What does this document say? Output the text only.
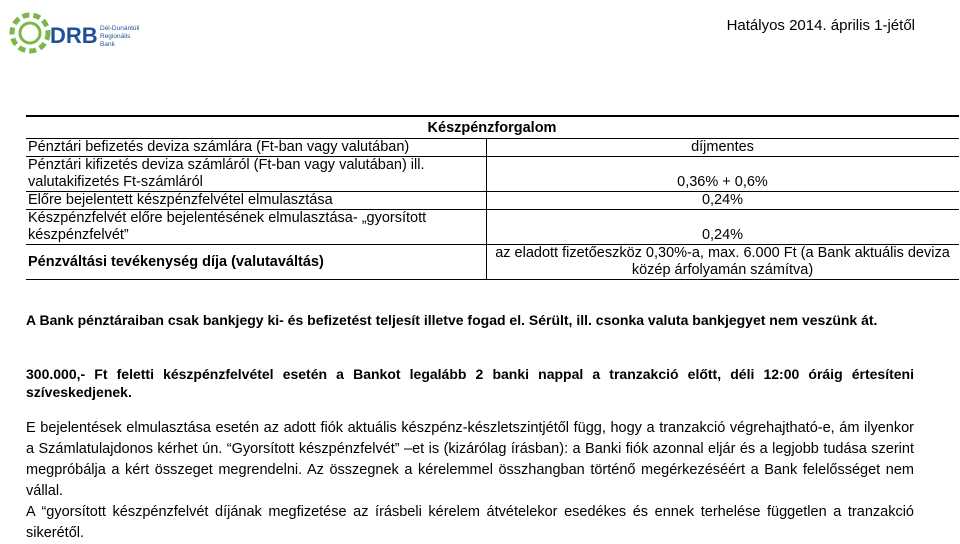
DRB Dél-Dunántúli
Regionális
Bank
Hatályos 2014. április 1-jétől
Készpénzforgalom	
Pénztári befizetés deviza számlára (Ft-ban vagy valutában)	díjmentes
Pénztári kifizetés deviza számláról (Ft-ban vagy valutában) ill. valutakifizetés Ft-számláról	0,36% + 0,6%
Előre bejelentett készpénzfelvétel elmulasztása	0,24%
Készpénzfelvét előre bejelentésének elmulasztása- „gyorsított készpénzfelvét”	0,24%
Pénzváltási tevékenység díja (valutaváltás)	az eladott fizetőeszköz 0,30%-a, max. 6.000 Ft (a Bank aktuális deviza közép árfolyamán számítva)
A Bank pénztáraiban csak bankjegy ki- és befizetést teljesít illetve fogad el. Sérült, ill. csonka valuta bankjegyet nem veszünk át.
300.000,- Ft feletti készpénzfelvétel esetén a Bankot legalább 2 banki nappal a tranzakció előtt, déli 12:00 óráig értesíteni szíveskedjenek.
E bejelentések elmulasztása esetén az adott fiók aktuális készpénz-készletszintjétől függ, hogy a tranzakció végrehajtható-e, ám ilyenkor a Számlatulajdonos kérhet ún. “Gyorsított készpénzfelvét” –et is (kizárólag írásban): a Banki fiók azonnal eljár és a legjobb tudása szerint megpróbálja a kért összeget megrendelni. Az összegnek a kérelemmel összhangban történő megérkezéséért a Bank felelősséget nem vállal.
A “gyorsított készpénzfelvét díjának megfizetése az írásbeli kérelem átvételekor esedékes és ennek terhelése független a tranzakció sikerétől.
